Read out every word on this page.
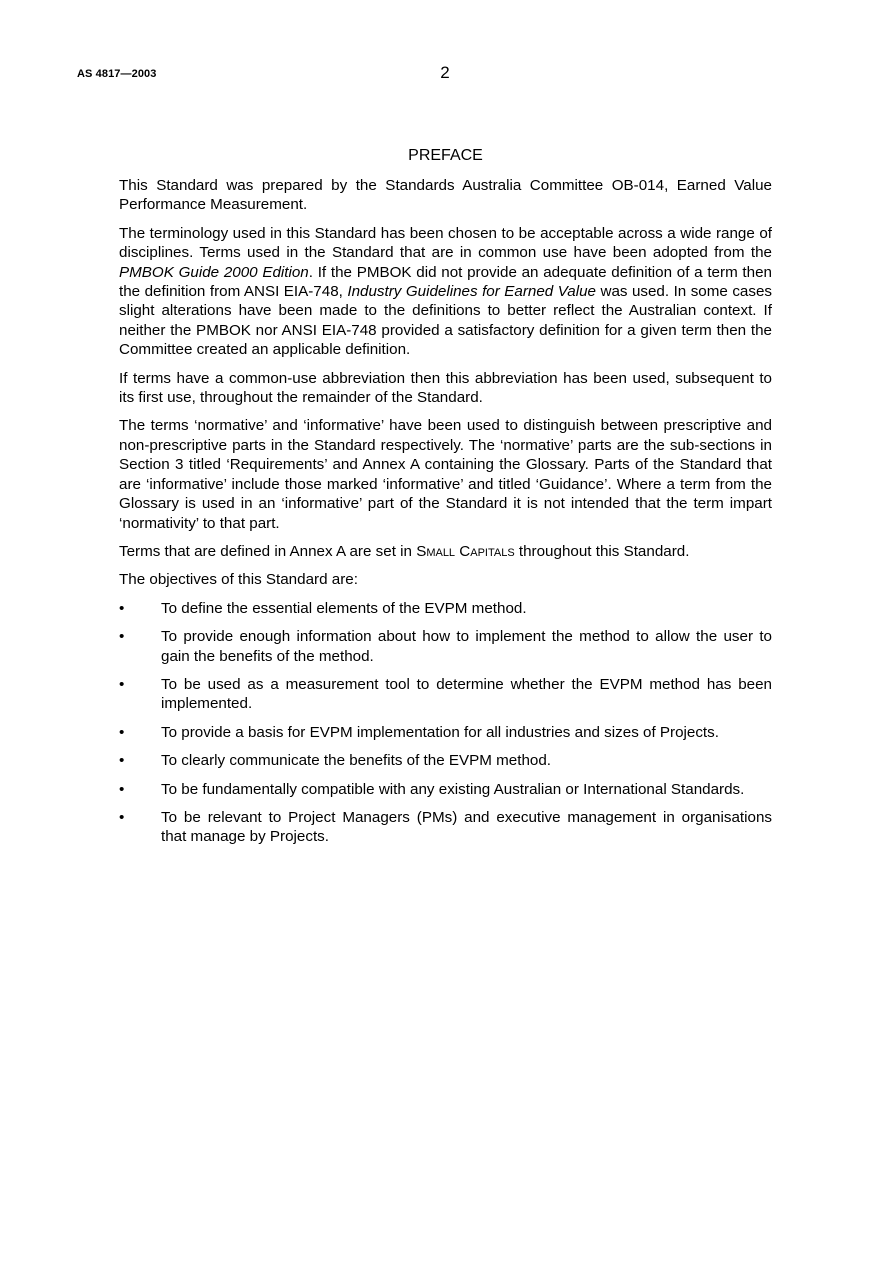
AS 4817—2003	2
PREFACE

This Standard was prepared by the Standards Australia Committee OB-014, Earned Value Performance Measurement.

The terminology used in this Standard has been chosen to be acceptable across a wide range of disciplines. Terms used in the Standard that are in common use have been adopted from the PMBOK Guide 2000 Edition. If the PMBOK did not provide an adequate definition of a term then the definition from ANSI EIA-748, Industry Guidelines for Earned Value was used. In some cases slight alterations have been made to the definitions to better reflect the Australian context. If neither the PMBOK nor ANSI EIA-748 provided a satisfactory definition for a given term then the Committee created an applicable definition.

If terms have a common-use abbreviation then this abbreviation has been used, subsequent to its first use, throughout the remainder of the Standard.

The terms ‘normative’ and ‘informative’ have been used to distinguish between prescriptive and non-prescriptive parts in the Standard respectively. The ‘normative’ parts are the sub-sections in Section 3 titled ‘Requirements’ and Annex A containing the Glossary. Parts of the Standard that are ‘informative’ include those marked ‘informative’ and titled ‘Guidance’. Where a term from the Glossary is used in an ‘informative’ part of the Standard it is not intended that the term impart ‘normativity’ to that part.

Terms that are defined in Annex A are set in Small Capitals throughout this Standard.

The objectives of this Standard are:

•	To define the essential elements of the EVPM method.
•	To provide enough information about how to implement the method to allow the user to gain the benefits of the method.
•	To be used as a measurement tool to determine whether the EVPM method has been implemented.
•	To provide a basis for EVPM implementation for all industries and sizes of Projects.
•	To clearly communicate the benefits of the EVPM method.
•	To be fundamentally compatible with any existing Australian or International Standards.
•	To be relevant to Project Managers (PMs) and executive management in organisations that manage by Projects.
